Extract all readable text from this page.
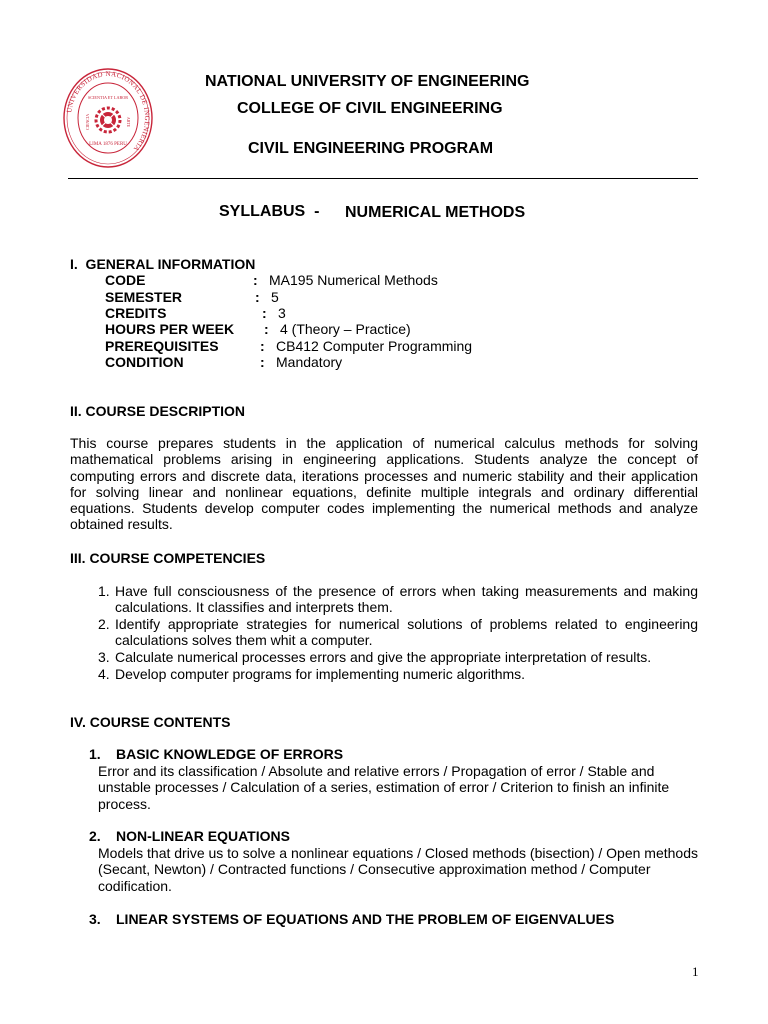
UNIVERSIDAD NACIONAL DE INGENIERIA
SCIENTIA ET LABOR
CIENCIA	ARTE
LIMA 1876 PERU
NATIONAL UNIVERSITY OF ENGINEERING
COLLEGE OF CIVIL ENGINEERING
CIVIL ENGINEERING PROGRAM
SYLLABUS  - NUMERICAL METHODS
I.  GENERAL INFORMATION
CODE	: MA195 Numerical Methods
SEMESTER	: 5
CREDITS	: 3
HOURS PER WEEK : 4 (Theory – Practice)
PREREQUISITES	: CB412 Computer Programming
CONDITION	: Mandatory
II. COURSE DESCRIPTION
This course prepares students in the application of numerical calculus methods for solving mathematical problems arising in engineering applications. Students analyze the concept of computing errors and discrete data, iterations processes and numeric stability and their application for solving linear and nonlinear equations, definite multiple integrals and ordinary differential equations. Students develop computer codes implementing the numerical methods and analyze obtained results.
III. COURSE COMPETENCIES
1. Have full consciousness of the presence of errors when taking measurements and making calculations. It classifies and interprets them.
2. Identify appropriate strategies for numerical solutions of problems related to engineering calculations solves them whit a computer.
3. Calculate numerical processes errors and give the appropriate interpretation of results.
4. Develop computer programs for implementing numeric algorithms.
IV. COURSE CONTENTS
1. BASIC KNOWLEDGE OF ERRORS
Error and its classification / Absolute and relative errors / Propagation of error / Stable and unstable processes / Calculation of a series, estimation of error / Criterion to finish an infinite process.
2. NON-LINEAR EQUATIONS
Models that drive us to solve a nonlinear equations / Closed methods (bisection) / Open methods (Secant, Newton) / Contracted functions / Consecutive approximation method / Computer codification.
3. LINEAR SYSTEMS OF EQUATIONS AND THE PROBLEM OF EIGENVALUES
1
